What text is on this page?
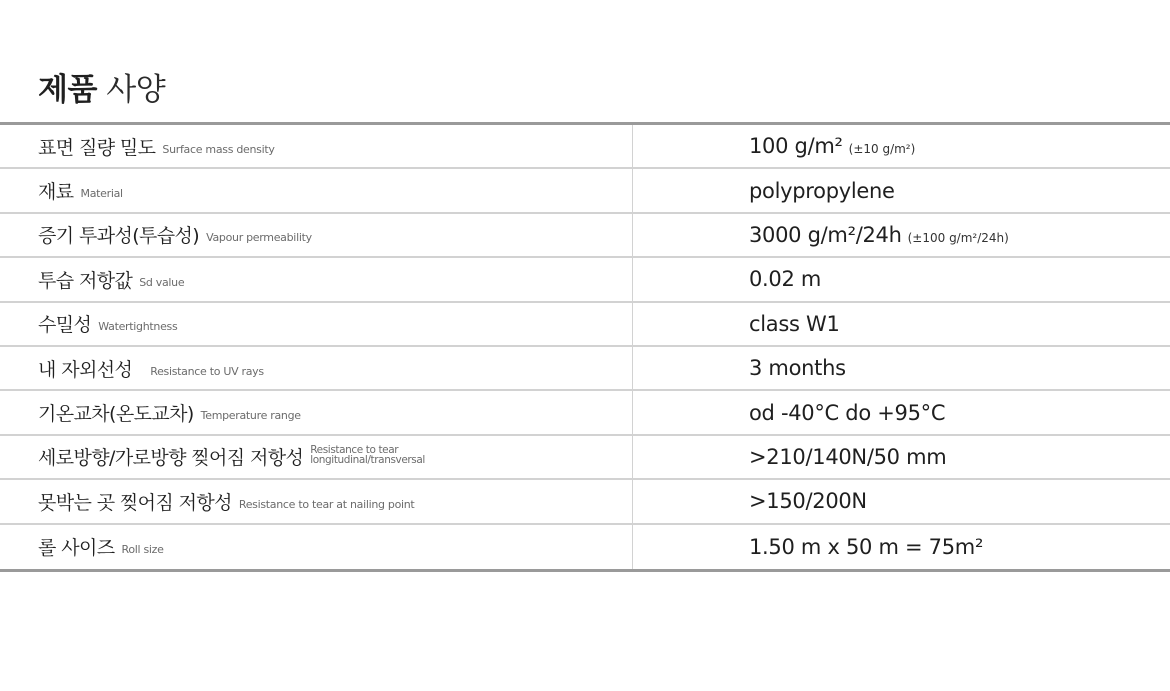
제품 사양
표면 질량 밀도 Surface mass density	100 g/m² (±10 g/m²)
재료 Material	polypropylene
증기 투과성(투습성) Vapour permeability	3000 g/m²/24h (±100 g/m²/24h)
투습 저항값 Sd value	0.02 m
수밀성 Watertightness	class W1
내 자외선성 Resistance to UV rays	3 months
기온교차(온도교차) Temperature range	od -40°C do +95°C
세로방향/가로방향 찢어짐 저항성 Resistance to tear
longitudinal/transversal	>210/140N/50 mm
못박는 곳 찢어짐 저항성 Resistance to tear at nailing point	>150/200N
롤 사이즈 Roll size	1.50 m x 50 m = 75m²
